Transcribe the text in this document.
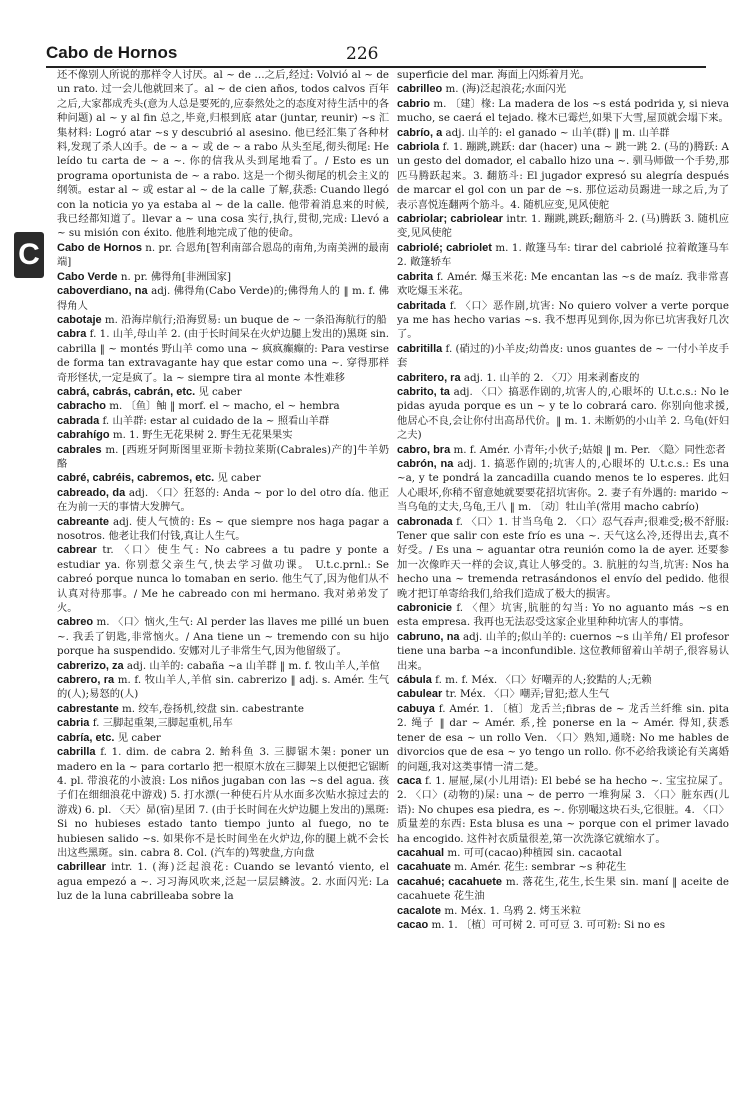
Cabo de Hornos	226
C

还不像别人所说的那样令人讨厌。al ~ de …之后,经过: Volvió al ~ de un rato. 过一会儿他就回来了。al ~ de cien años, todos calvos 百年之后,大家都成秃头(意为人总是要死的,应泰然处之的态度对待生活中的各种问题) al ~ y al fin 总之,毕竟,归根到底 atar (juntar, reunir) ~s 汇集材料: Logró atar ~s y descubrió al asesino. 他已经汇集了各种材料,发现了杀人凶手。de ~ a ~ 或 de ~ a rabo 从头至尾,彻头彻尾: He leído tu carta de ~ a ~. 你的信我从头到尾地看了。/ Esto es un programa oportunista de ~ a rabo. 这是一个彻头彻尾的机会主义的纲领。estar al ~ 或 estar al ~ de la calle 了解,获悉: Cuando llegó con la noticia yo ya estaba al ~ de la calle. 他带着消息来的时候,我已经都知道了。llevar a ~ una cosa 实行,执行,贯彻,完成: Llevó a ~ su misión con éxito. 他胜利地完成了他的使命。

Cabo de Hornos n. pr. 合恩角[智利南部合恩岛的南角,为南美洲的最南端]

Cabo Verde n. pr. 佛得角[非洲国家]

caboverdiano, na adj. 佛得角(Cabo Verde)的;佛得角人的 ‖ m. f. 佛得角人

cabotaje m. 沿海岸航行;沿海贸易: un buque de ~ 一条沿海航行的船

cabra f. 1. 山羊,母山羊 2. (由于长时间呆在火炉边腿上发出的)黑斑 sin. cabrilla ‖ ~ montés 野山羊 como una ~ 疯疯癫癫的: Para vestirse de forma tan extravagante hay que estar como una ~. 穿得那样奇形怪状,一定是疯了。la ~ siempre tira al monte 本性难移

cabrá, cabrás, cabrán, etc. 见 caber

cabracho m. 〔鱼〕鲉 ‖ morf. el ~ macho, el ~ hembra

cabrada f. 山羊群: estar al cuidado de la ~ 照看山羊群

cabrahígo m. 1. 野生无花果树 2. 野生无花果果实

cabrales m. [西班牙阿斯图里亚斯卡勃拉莱斯(Cabrales)产的]牛羊奶酪

cabré, cabréis, cabremos, etc. 见 caber

cabreado, da adj. 〈口〉狂怒的: Anda ~ por lo del otro día. 他正在为前一天的事情大发脾气。

cabreante adj. 使人气愤的: Es ~ que siempre nos haga pagar a nosotros. 他老让我们付钱,真让人生气。

cabrear tr. 〈口〉使生气: No cabrees a tu padre y ponte a estudiar ya. 你别惹父亲生气,快去学习做功课。 U.t.c.prnl.: Se cabreó porque nunca lo tomaban en serio. 他生气了,因为他们从不认真对待那事。/ Me he cabreado con mi hermano. 我对弟弟发了火。

cabreo m. 〈口〉恼火,生气: Al perder las llaves me pillé un buen ~. 我丢了钥匙,非常恼火。/ Ana tiene un ~ tremendo con su hijo porque ha suspendido. 安娜对儿子非常生气,因为他留级了。

cabrerizo, za adj. 山羊的: cabaña ~a 山羊群 ‖ m. f. 牧山羊人,羊倌

cabrero, ra m. f. 牧山羊人,羊倌 sin. cabrerizo ‖ adj. s. Amér. 生气的(人);易怒的(人)

cabrestante m. 绞车,卷扬机,绞盘 sin. cabestrante

cabria f. 三脚起重架,三脚起重机,吊车

cabría, etc. 见 caber

cabrilla f. 1. dim. de cabra 2. 鲐科鱼 3. 三脚锯木架: poner un madero en la ~ para cortarlo 把一根原木放在三脚架上以便把它锯断 4. pl. 带浪花的小波浪: Los niños jugaban con las ~s del agua. 孩子们在细细浪花中游戏) 5. 打水漂(一种使石片从水面多次贴水掠过去的游戏) 6. pl. 〈天〉昴(宿)星团 7. (由于长时间在火炉边腿上发出的)黑斑: Si no hubieses estado tanto tiempo junto al fuego, no te hubiesen salido ~s. 如果你不是长时间坐在火炉边,你的腿上就不会长出这些黑斑。sin. cabra 8. Col. (汽车的)驾驶盘,方向盘

cabrillear intr. 1. (海)泛起浪花: Cuando se levantó viento, el agua empezó a ~. 习习海风吹来,泛起一层层鳞波。2. 水面闪光: La luz de la luna cabrilleaba sobre la

superficie del mar. 海面上闪烁着月光。

cabrilleo m. (海)泛起浪花;水面闪光

cabrio m. 〔建〕椽: La madera de los ~s está podrida y, si nieva mucho, se caerá el tejado. 椽木已霉烂,如果下大雪,屋顶就会塌下来。

cabrío, a adj. 山羊的: el ganado ~ 山羊(群) ‖ m. 山羊群

cabriola f. 1. 蹦跳,跳跃: dar (hacer) una ~ 跳一跳 2. (马的)腾跃: A un gesto del domador, el caballo hizo una ~. 驯马师做一个手势,那匹马腾跃起来。3. 翻筋斗: El jugador expresó su alegría después de marcar el gol con un par de ~s. 那位运动员踢进一球之后,为了表示喜悦连翻两个筋斗。4. 随机应变,见风使舵

cabriolar; cabriolear intr. 1. 蹦跳,跳跃;翻筋斗 2. (马)腾跃 3. 随机应变,见风使舵

cabriolé; cabriolet m. 1. 敞篷马车: tirar del cabriolé 拉着敞篷马车 2. 敞篷轿车

cabrita f. Amér. 爆玉米花: Me encantan las ~s de maíz. 我非常喜欢吃爆玉米花。

cabritada f. 〈口〉恶作剧,坑害: No quiero volver a verte porque ya me has hecho varias ~s. 我不想再见到你,因为你已坑害我好几次了。

cabritilla f. (硝过的)小羊皮;幼兽皮: unos guantes de ~ 一付小羊皮手套

cabritero, ra adj. 1. 山羊的 2. 〈刀〉用来剥畜皮的

cabrito, ta adj. 〈口〉搞恶作剧的,坑害人的,心眼坏的 U.t.c.s.: No le pidas ayuda porque es un ~ y te lo cobrará caro. 你别向他求援,他居心不良,会让你付出高昂代价。‖ m. 1. 未断奶的小山羊 2. 乌龟(奸妇之夫)

cabro, bra m. f. Amér. 小青年;小伙子;姑娘 ‖ m. Per. 〈隐〉同性恋者

cabrón, na adj. 1. 搞恶作剧的;坑害人的,心眼坏的 U.t.c.s.: Es una ~a, y te pondrá la zancadilla cuando menos te lo esperes. 此妇人心眼坏,你稍不留意她就要要花招坑害你。2. 妻子有外遇的: marido ~ 当乌龟的丈夫,乌龟,王八 ‖ m. 〔动〕牡山羊(常用 macho cabrío)

cabronada f. 〈口〉1. 甘当乌龟 2. 〈口〉忍气吞声;很难受;极不舒服: Tener que salir con este frío es una ~. 天气这么冷,还得出去,真不好受。/ Es una ~ aguantar otra reunión como la de ayer. 还要参加一次像昨天一样的会议,真让人够受的。3. 肮脏的勾当,坑害: Nos ha hecho una ~ tremenda retrasándonos el envío del pedido. 他很晚才把订单寄给我们,给我们造成了极大的损害。

cabronicie f. 〈俚〉坑害,肮脏的勾当: Yo no aguanto más ~s en esta empresa. 我再也无法忍受这家企业里种种坑害人的事情。

cabruno, na adj. 山羊的;似山羊的: cuernos ~s 山羊角/ El profesor tiene una barba ~a inconfundible. 这位教师留着山羊胡子,很容易认出来。

cábula f. m. f. Méx. 〈口〉好嘲弄的人;狡黠的人;无赖

cabulear tr. Méx. 〈口〉嘲弄;冒犯;惹人生气

cabuya f. Amér. 1. 〔植〕龙舌兰;fibras de ~ 龙舌兰纤维 sin. pita 2. 绳子 ‖ dar ~ Amér. 系,拴 ponerse en la ~ Amér. 得知,获悉 tener de esa ~ un rollo Ven. 〈口〉熟知,通晓: No me hables de divorcios que de esa ~ yo tengo un rollo. 你不必给我谈论有关离婚的问题,我对这类事情一清二楚。

caca f. 1. 屉屉,屎(小儿用语): El bebé se ha hecho ~. 宝宝拉屎了。2. 〈口〉(动物的)屎: una ~ de perro 一堆狗屎 3. 〈口〉脏东西(儿语): No chupes esa piedra, es ~. 你别嘬这块石头,它很脏。4. 〈口〉质量差的东西: Esta blusa es una ~ porque con el primer lavado ha encogido. 这件衬衣质量很差,第一次洗涤它就缩水了。

cacahual m. 可可(cacao)种植园 sin. cacaotal

cacahuate m. Amér. 花生: sembrar ~s 种花生

cacahué; cacahuete m. 落花生,花生,长生果 sin. maní ‖ aceite de cacahuete 花生油

cacalote m. Méx. 1. 乌鸦 2. 烤玉米粒

cacao m. 1. 〔植〕可可树 2. 可可豆 3. 可可粉: Si no es
